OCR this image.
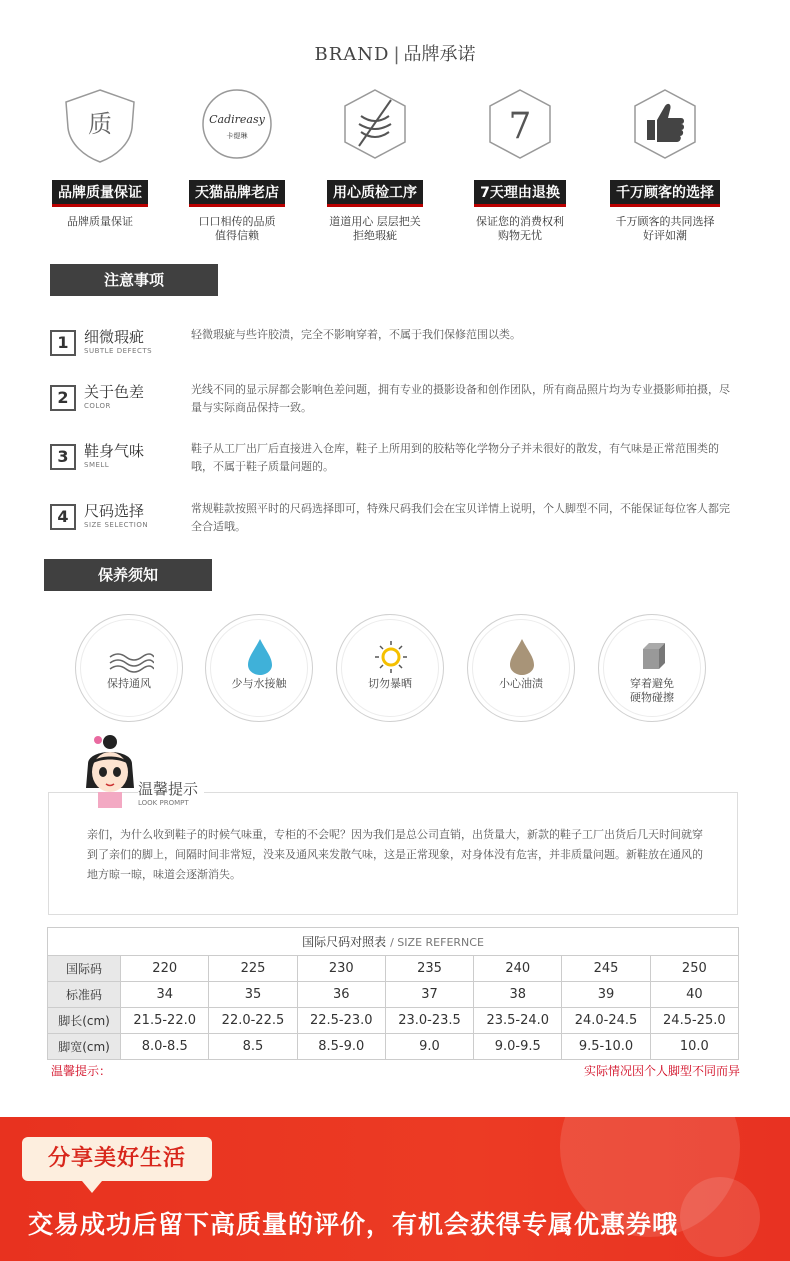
BRAND | 品牌承诺
质
品牌质量保证
品牌质量保证
Cadireasy
卡缇琳
天猫品牌老店
口口相传的品质
值得信赖
用心质检工序
道道用心 层层把关
拒绝瑕疵
7
7天理由退换
保证您的消费权利
购物无忧
千万顾客的选择
千万顾客的共同选择
好评如潮
注意事项
1	细微瑕疵
SUBTLE DEFECTS
轻微瑕疵与些许胶渍，完全不影响穿着，不属于我们保修范围以类。
2	关于色差
COLOR
光线不同的显示屏都会影响色差问题，拥有专业的摄影设备和创作团队，所有商品照片均为专业摄影师拍摄，尽量与实际商品保持一致。
3	鞋身气味
SMELL
鞋子从工厂出厂后直接进入仓库，鞋子上所用到的胶粘等化学物分子并未很好的散发，有气味是正常范围类的哦，不属于鞋子质量问题的。
4	尺码选择
SIZE SELECTION
常规鞋款按照平时的尺码选择即可，特殊尺码我们会在宝贝详情上说明，个人脚型不同，不能保证每位客人都完全合适哦。
保养须知
保持通风	少与水接触	切勿暴晒	小心油渍	穿着避免
硬物碰擦
亲们，为什么收到鞋子的时候气味重，专柜的不会呢？因为我们是总公司直销，出货量大，新款的鞋子工厂出货后几天时间就穿到了亲们的脚上，间隔时间非常短，没来及通风来发散气味，这是正常现象，对身体没有危害，并非质量问题。新鞋放在通风的地方晾一晾，味道会逐渐消失。
温馨提示
LOOK PROMPT
国际尺码对照表 / SIZE REFERNCE							
国际码	220	225	230	235	240	245	250
标准码	34	35	36	37	38	39	40
脚长(cm)	21.5-22.0	22.0-22.5	22.5-23.0	23.0-23.5	23.5-24.0	24.0-24.5	24.5-25.0
脚宽(cm)	8.0-8.5	8.5	8.5-9.0	9.0	9.0-9.5	9.5-10.0	10.0
温馨提示：	实际情况因个人脚型不同而异
分享美好生活
交易成功后留下高质量的评价，有机会获得专属优惠券哦
